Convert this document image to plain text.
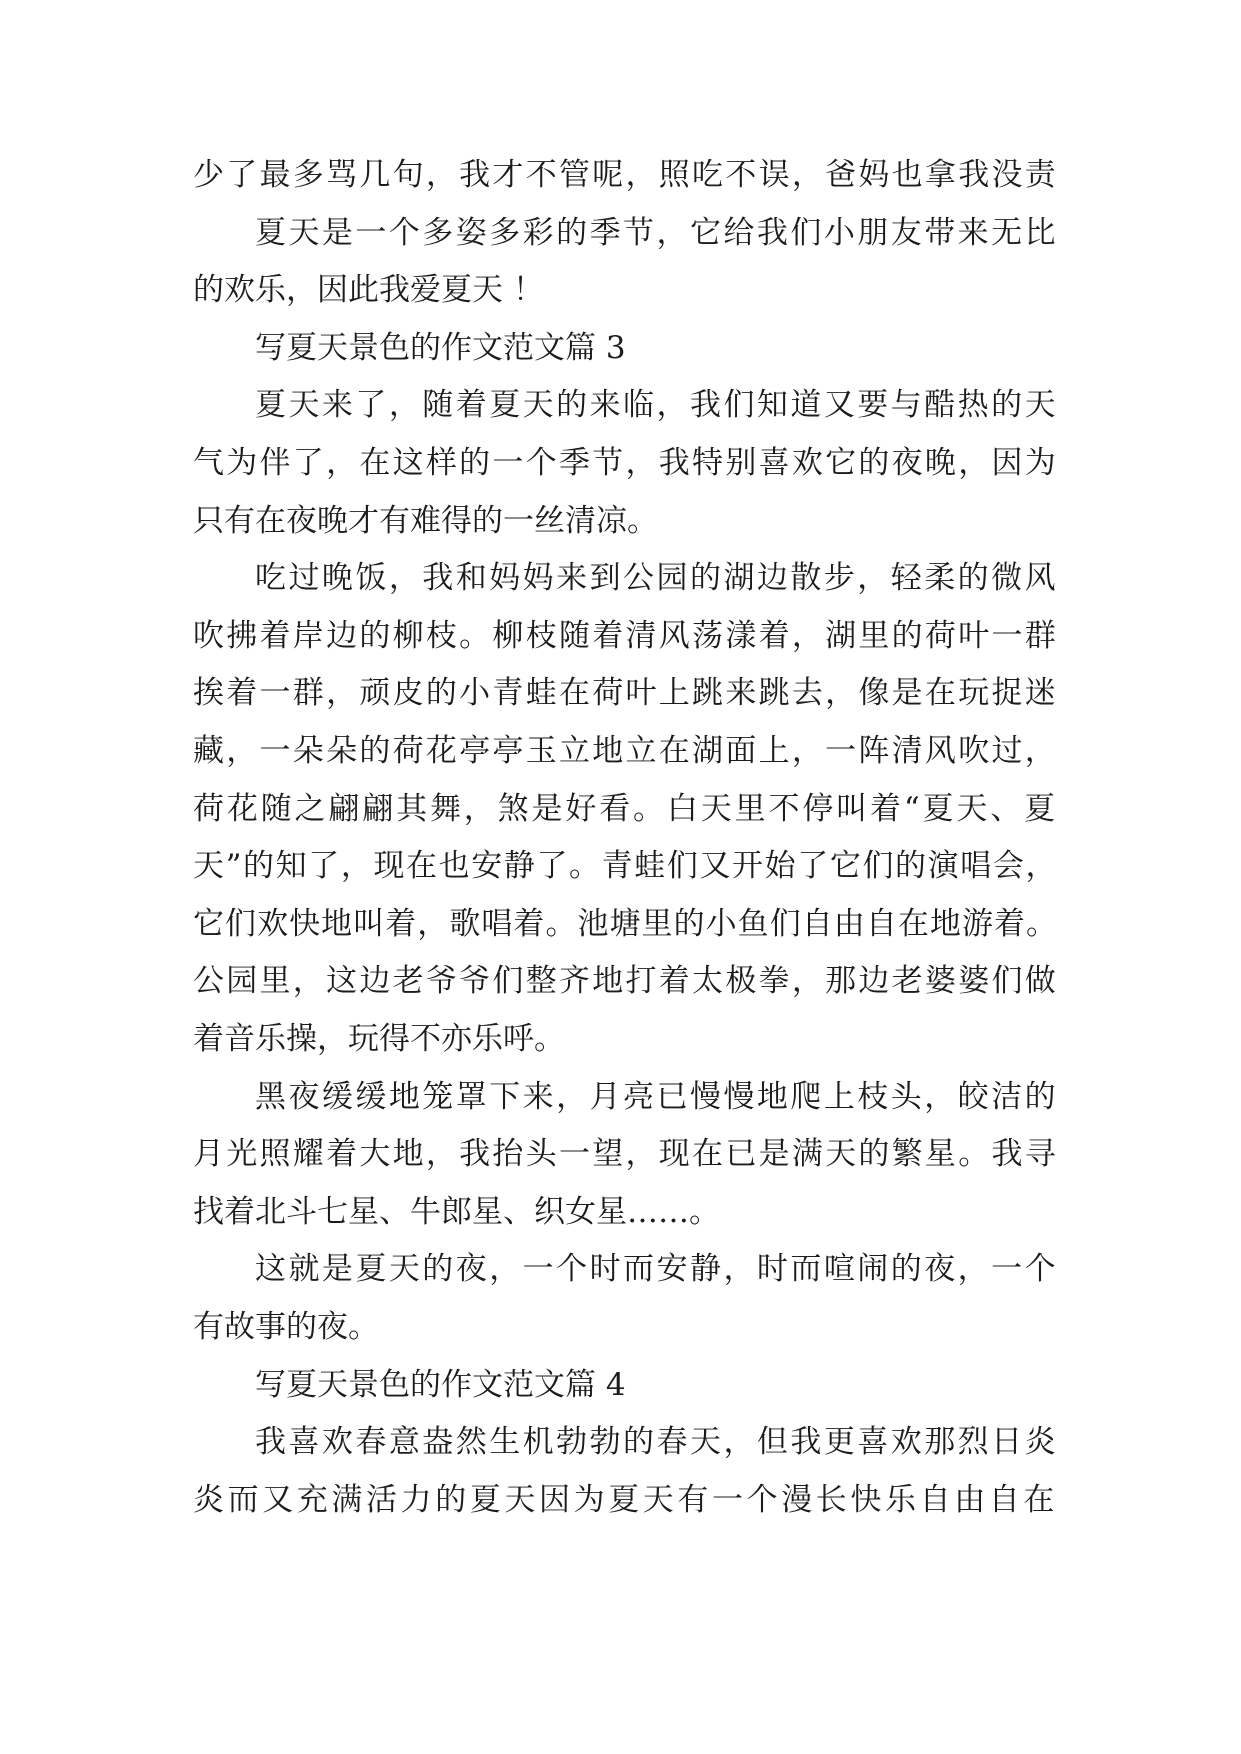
少了最多骂几句，我才不管呢，照吃不误，爸妈也拿我没责
夏天是一个多姿多彩的季节，它给我们小朋友带来无比
的欢乐，因此我爱夏天 ！
写夏天景色的作文范文篇 3
夏天来了，随着夏天的来临，我们知道又要与酷热的天
气为伴了，在这样的一个季节，我特别喜欢它的夜晚，因为
只有在夜晚才有难得的一丝清凉。
吃过晚饭，我和妈妈来到公园的湖边散步，轻柔的微风
吹拂着岸边的柳枝。柳枝随着清风荡漾着，湖里的荷叶一群
挨着一群，顽皮的小青蛙在荷叶上跳来跳去，像是在玩捉迷
藏，一朵朵的荷花亭亭玉立地立在湖面上，一阵清风吹过，
荷花随之翩翩其舞，煞是好看。白天里不停叫着“夏天、夏
天”的知了，现在也安静了。青蛙们又开始了它们的演唱会，
它们欢快地叫着，歌唱着。池塘里的小鱼们自由自在地游着。
公园里，这边老爷爷们整齐地打着太极拳，那边老婆婆们做
着音乐操，玩得不亦乐呼。
黑夜缓缓地笼罩下来，月亮已慢慢地爬上枝头，皎洁的
月光照耀着大地，我抬头一望，现在已是满天的繁星。我寻
找着北斗七星、牛郎星、织女星……。
这就是夏天的夜，一个时而安静，时而喧闹的夜，一个
有故事的夜。
写夏天景色的作文范文篇 4
我喜欢春意盎然生机勃勃的春天，但我更喜欢那烈日炎
炎而又充满活力的夏天因为夏天有一个漫长快乐自由自在
